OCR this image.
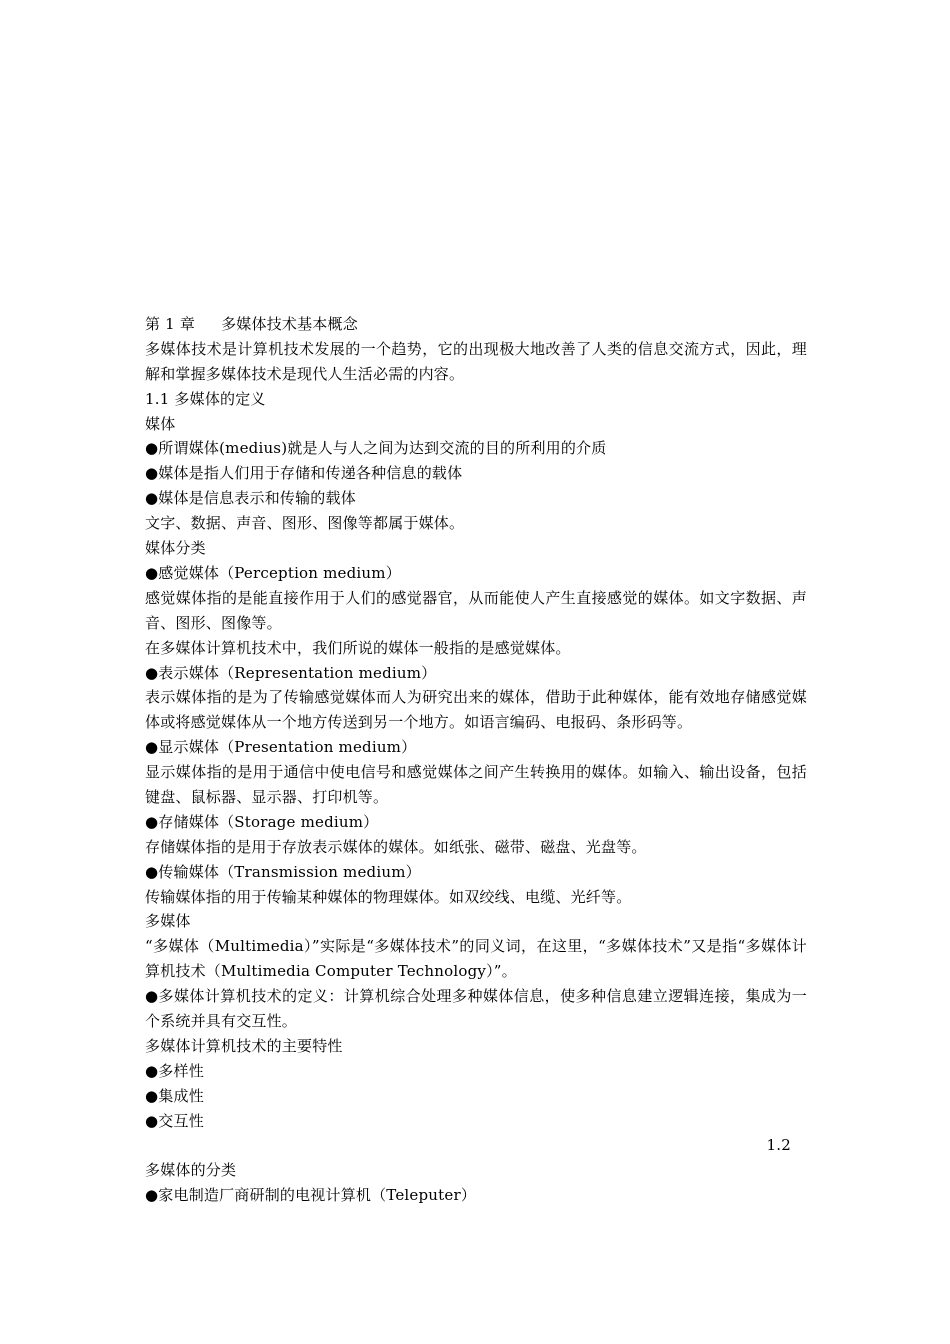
第 1 章 多媒体技术基本概念
多媒体技术是计算机技术发展的一个趋势，它的出现极大地改善了人类的信息交流方式，因此，理解和掌握多媒体技术是现代人生活必需的内容。
1.1 多媒体的定义
媒体
●所谓媒体(medius)就是人与人之间为达到交流的目的所利用的介质
●媒体是指人们用于存储和传递各种信息的载体
●媒体是信息表示和传输的载体
文字、数据、声音、图形、图像等都属于媒体。
媒体分类
●感觉媒体（Perception medium）
感觉媒体指的是能直接作用于人们的感觉器官，从而能使人产生直接感觉的媒体。如文字数据、声音、图形、图像等。
在多媒体计算机技术中，我们所说的媒体一般指的是感觉媒体。
●表示媒体（Representation medium）
表示媒体指的是为了传输感觉媒体而人为研究出来的媒体，借助于此种媒体，能有效地存储感觉媒体或将感觉媒体从一个地方传送到另一个地方。如语言编码、电报码、条形码等。
●显示媒体（Presentation medium）
显示媒体指的是用于通信中使电信号和感觉媒体之间产生转换用的媒体。如输入、输出设备，包括键盘、鼠标器、显示器、打印机等。
●存储媒体（Storage medium）
存储媒体指的是用于存放表示媒体的媒体。如纸张、磁带、磁盘、光盘等。
●传输媒体（Transmission medium）
传输媒体指的用于传输某种媒体的物理媒体。如双绞线、电缆、光纤等。
多媒体
“多媒体（Multimedia）”实际是“多媒体技术”的同义词，在这里，“多媒体技术”又是指“多媒体计算机技术（Multimedia Computer Technology）”。
●多媒体计算机技术的定义：计算机综合处理多种媒体信息，使多种信息建立逻辑连接，集成为一个系统并具有交互性。
多媒体计算机技术的主要特性
●多样性
●集成性
●交互性
1.2
多媒体的分类
●家电制造厂商研制的电视计算机（Teleputer）
